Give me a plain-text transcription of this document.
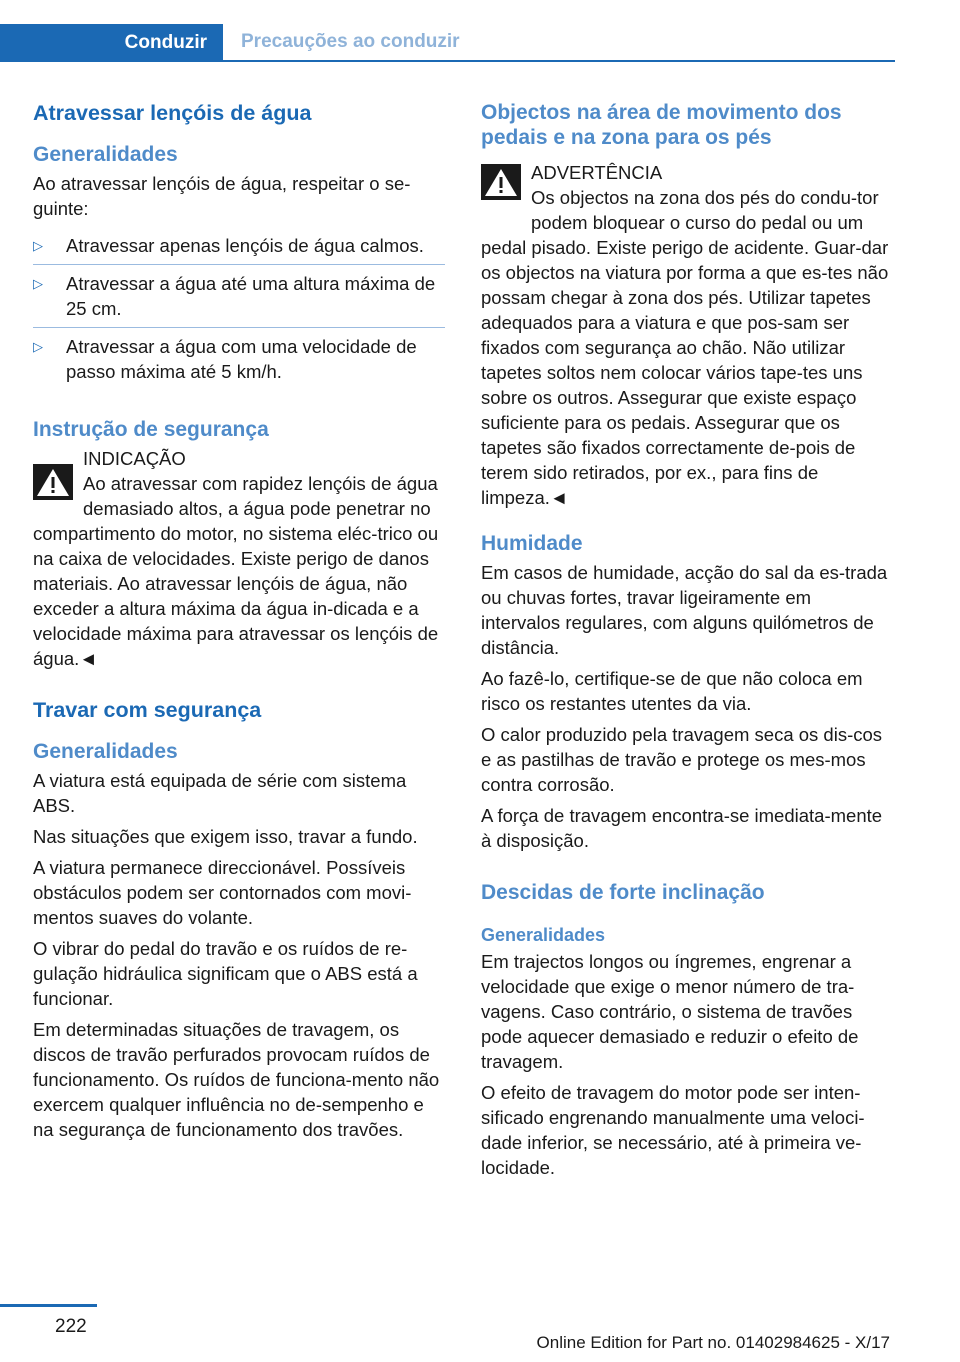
Conduzir	Precauções ao conduzir
Atravessar lençóis de água
Generalidades

Ao atravessar lençóis de água, respeitar o se-guinte:

▷	Atravessar apenas lençóis de água calmos.
▷	Atravessar a água até uma altura máxima de 25 cm.
▷	Atravessar a água com uma velocidade de passo máxima até 5 km/h.
Instrução de segurança

INDICAÇÃO

Ao atravessar com rapidez lençóis de água demasiado altos, a água pode penetrar no compartimento do motor, no sistema eléc-trico ou na caixa de velocidades. Existe perigo de danos materiais. Ao atravessar lençóis de água, não exceder a altura máxima da água in-dicada e a velocidade máxima para atravessar os lençóis de água.◄

Travar com segurança
Generalidades

A viatura está equipada de série com sistema ABS.

Nas situações que exigem isso, travar a fundo.

A viatura permanece direccionável. Possíveis obstáculos podem ser contornados com movi-mentos suaves do volante.

O vibrar do pedal do travão e os ruídos de re-gulação hidráulica significam que o ABS está a funcionar.

Em determinadas situações de travagem, os discos de travão perfurados provocam ruídos de funcionamento. Os ruídos de funciona-mento não exercem qualquer influência no de-sempenho e na segurança de funcionamento dos travões.

Objectos na área de movimento dos pedais e na zona para os pés

ADVERTÊNCIA

Os objectos na zona dos pés do condu-tor podem bloquear o curso do pedal ou um pedal pisado. Existe perigo de acidente. Guar-dar os objectos na viatura por forma a que es-tes não possam chegar à zona dos pés. Utilizar tapetes adequados para a viatura e que pos-sam ser fixados com segurança ao chão. Não utilizar tapetes soltos nem colocar vários tape-tes uns sobre os outros. Assegurar que existe espaço suficiente para os pedais. Assegurar que os tapetes são fixados correctamente de-pois de terem sido retirados, por ex., para fins de limpeza.◄

Humidade

Em casos de humidade, acção do sal da es-trada ou chuvas fortes, travar ligeiramente em intervalos regulares, com alguns quilómetros de distância.

Ao fazê-lo, certifique-se de que não coloca em risco os restantes utentes da via.

O calor produzido pela travagem seca os dis-cos e as pastilhas de travão e protege os mes-mos contra corrosão.

A força de travagem encontra-se imediata-mente à disposição.

Descidas de forte inclinação
Generalidades

Em trajectos longos ou íngremes, engrenar a velocidade que exige o menor número de tra-vagens. Caso contrário, o sistema de travões pode aquecer demasiado e reduzir o efeito de travagem.

O efeito de travagem do motor pode ser inten-sificado engrenando manualmente uma veloci-dade inferior, se necessário, até à primeira ve-locidade.

222
Online Edition for Part no. 01402984625 - X/17
